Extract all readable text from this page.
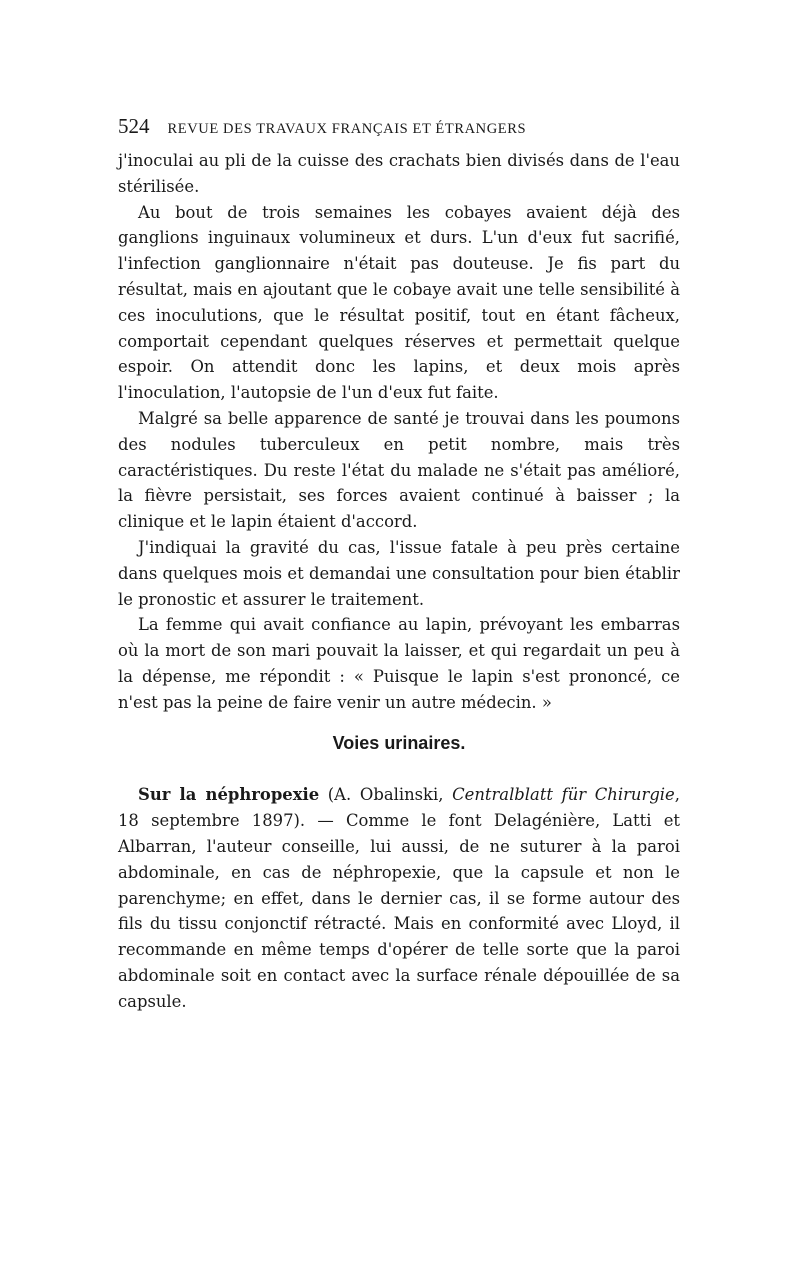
524 REVUE DES TRAVAUX FRANÇAIS ET ÉTRANGERS

j'inoculai au pli de la cuisse des crachats bien divisés dans de l'eau stérilisée.

Au bout de trois semaines les cobayes avaient déjà des ganglions inguinaux volumineux et durs. L'un d'eux fut sacrifié, l'infection ganglionnaire n'était pas douteuse. Je fis part du résultat, mais en ajoutant que le cobaye avait une telle sensibilité à ces inoculutions, que le résultat positif, tout en étant fâcheux, comportait cependant quelques réserves et permettait quelque espoir. On attendit donc les lapins, et deux mois après l'inoculation, l'autopsie de l'un d'eux fut faite.

Malgré sa belle apparence de santé je trouvai dans les poumons des nodules tuberculeux en petit nombre, mais très caractéristiques. Du reste l'état du malade ne s'était pas amélioré, la fièvre persistait, ses forces avaient continué à baisser ; la clinique et le lapin étaient d'accord.

J'indiquai la gravité du cas, l'issue fatale à peu près certaine dans quelques mois et demandai une consultation pour bien établir le pronostic et assurer le traitement.

La femme qui avait confiance au lapin, prévoyant les embarras où la mort de son mari pouvait la laisser, et qui regardait un peu à la dépense, me répondit : « Puisque le lapin s'est prononcé, ce n'est pas la peine de faire venir un autre médecin. »

Voies urinaires.

Sur la néphropexie (A. Obalinski, Centralblatt für Chirurgie, 18 septembre 1897). — Comme le font Delagénière, Latti et Albarran, l'auteur conseille, lui aussi, de ne suturer à la paroi abdominale, en cas de néphropexie, que la capsule et non le parenchyme; en effet, dans le dernier cas, il se forme autour des fils du tissu conjonctif rétracté. Mais en conformité avec Lloyd, il recommande en même temps d'opérer de telle sorte que la paroi abdominale soit en contact avec la surface rénale dépouillée de sa capsule.
